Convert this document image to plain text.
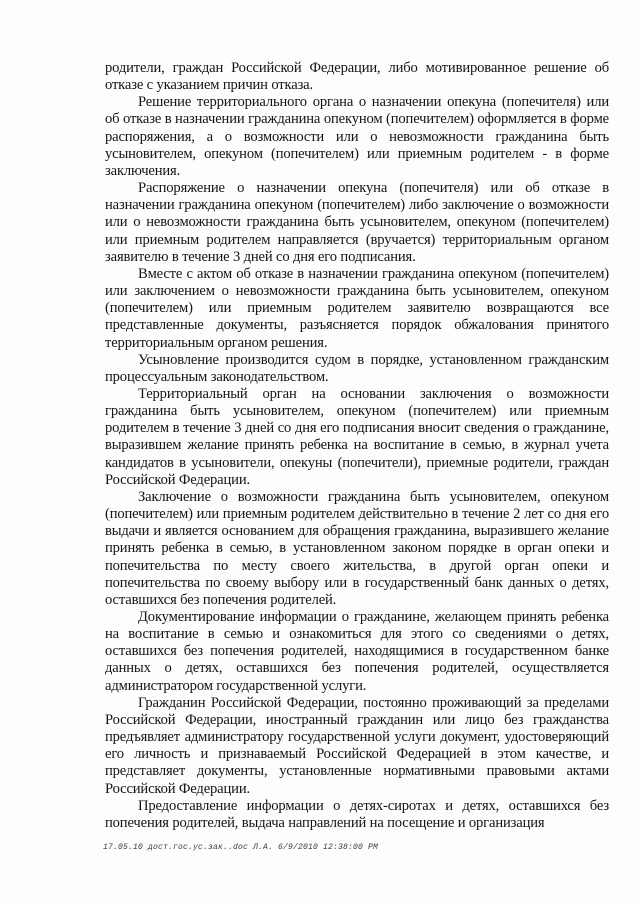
родители, граждан Российской Федерации, либо мотивированное решение об отказе с указанием причин отказа.

Решение территориального органа о назначении опекуна (попечителя) или об отказе в назначении гражданина опекуном (попечителем) оформляется в форме распоряжения, а о возможности или о невозможности гражданина быть усыновителем, опекуном (попечителем) или приемным родителем - в форме заключения.

Распоряжение о назначении опекуна (попечителя) или об отказе в назначении гражданина опекуном (попечителем) либо заключение о возможности или о невозможности гражданина быть усыновителем, опекуном (попечителем) или приемным родителем направляется (вручается) территориальным органом заявителю в течение 3 дней со дня его подписания.

Вместе с актом об отказе в назначении гражданина опекуном (попечителем) или заключением о невозможности гражданина быть усыновителем, опекуном (попечителем) или приемным родителем заявителю возвращаются все представленные документы, разъясняется порядок обжалования принятого территориальным органом решения.

Усыновление производится судом в порядке, установленном гражданским процессуальным законодательством.

Территориальный орган на основании заключения о возможности гражданина быть усыновителем, опекуном (попечителем) или приемным родителем в течение 3 дней со дня его подписания вносит сведения о гражданине, выразившем желание принять ребенка на воспитание в семью, в журнал учета кандидатов в усыновители, опекуны (попечители), приемные родители, граждан Российской Федерации.

Заключение о возможности гражданина быть усыновителем, опекуном (попечителем) или приемным родителем действительно в течение 2 лет со дня его выдачи и является основанием для обращения гражданина, выразившего желание принять ребенка в семью, в установленном законом порядке в орган опеки и попечительства по месту своего жительства, в другой орган опеки и попечительства по своему выбору или в государственный банк данных о детях, оставшихся без попечения родителей.

Документирование информации о гражданине, желающем принять ребенка на воспитание в семью и ознакомиться для этого со сведениями о детях, оставшихся без попечения родителей, находящимися в государственном банке данных о детях, оставшихся без попечения родителей, осуществляется администратором государственной услуги.

Гражданин Российской Федерации, постоянно проживающий за пределами Российской Федерации, иностранный гражданин или лицо без гражданства предъявляет администратору государственной услуги документ, удостоверяющий его личность и признаваемый Российской Федерацией в этом качестве, и представляет документы, установленные нормативными правовыми актами Российской Федерации.

Предоставление информации о детях-сиротах и детях, оставшихся без попечения родителей, выдача направлений на посещение и организация

17.05.10 дост.гос.ус.зак..doc Л.А. 6/9/2010 12:38:00 PM
